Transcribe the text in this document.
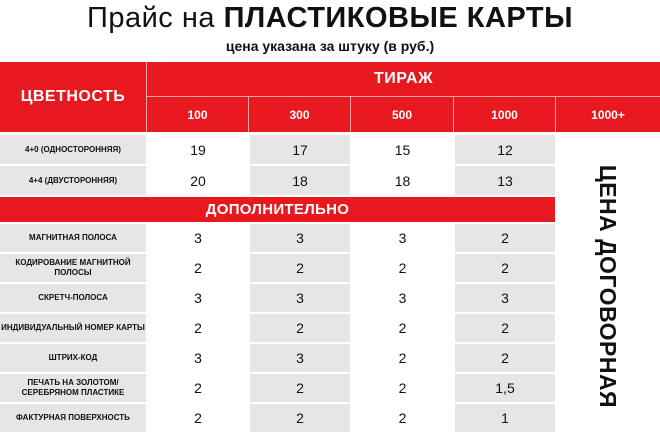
Прайс на ПЛАСТИКОВЫЕ КАРТЫ
цена указана за штуку (в руб.)
ЦВЕТНОСТЬ
ТИРАЖ
100	300	500	1000	1000+
4+0 (ОДНОСТОРОННЯЯ)	19	17	15	12
4+4 (ДВУСТОРОННЯЯ)	20	18	18	13
ДОПОЛНИТЕЛЬНО
МАГНИТНАЯ ПОЛОСА	3	3	3	2
КОДИРОВАНИЕ МАГНИТНОЙ ПОЛОСЫ	2	2	2	2
СКРЕТЧ-ПОЛОСА	3	3	3	3
ИНДИВИДУАЛЬНЫЙ НОМЕР КАРТЫ	2	2	2	2
ШТРИХ-КОД	3	3	2	2
ПЕЧАТЬ НА ЗОЛОТОМ/ СЕРЕБРЯНОМ ПЛАСТИКЕ	2	2	2	1,5
ФАКТУРНАЯ ПОВЕРХНОСТЬ	2	2	2	1
ЦЕНА ДОГОВОРНАЯ
